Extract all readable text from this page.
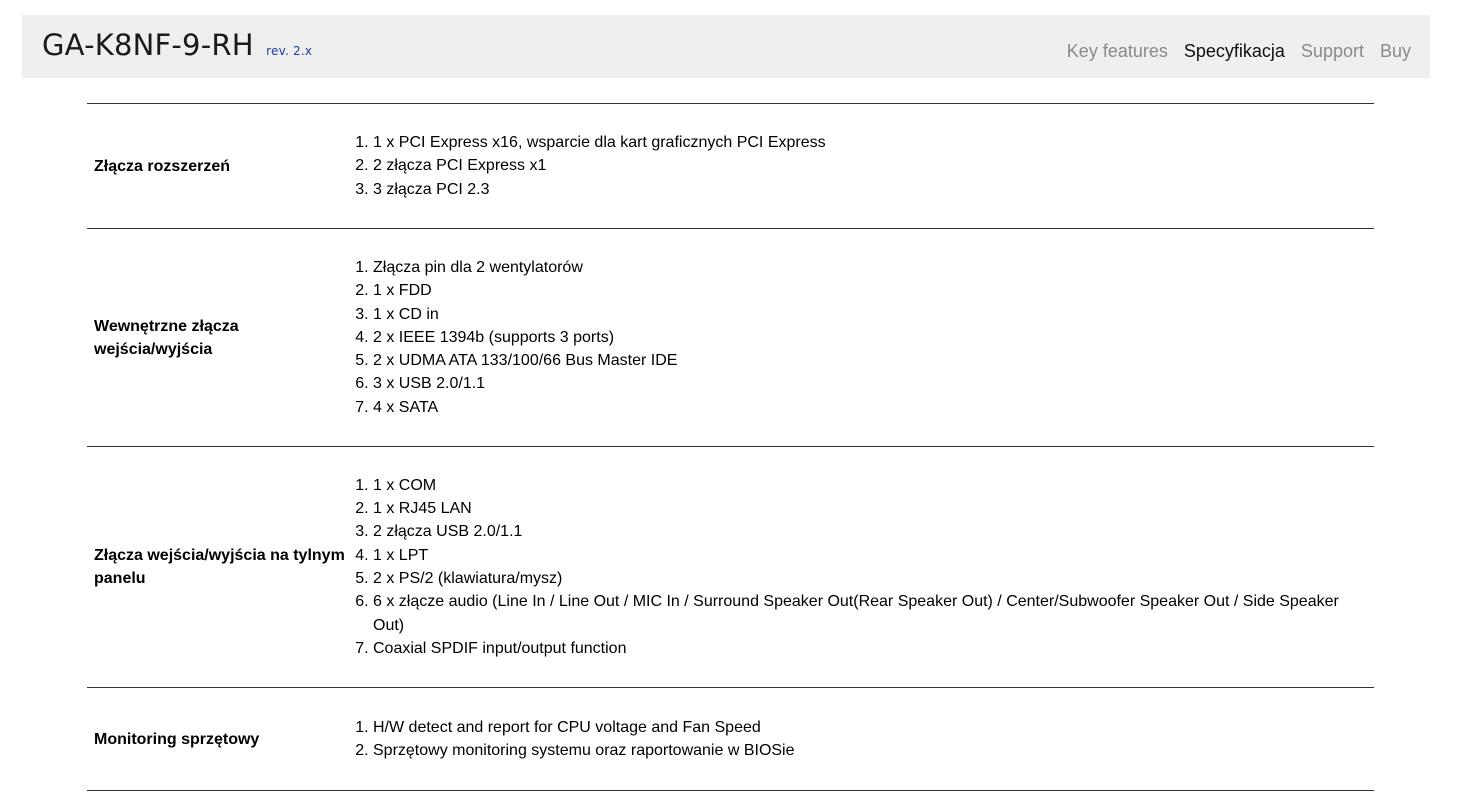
GA-K8NF-9-RH rev. 2.x	Key features Specyfikacja Support Buy
Złącza rozszerzeń
1. 1 x PCI Express x16, wsparcie dla kart graficznych PCI Express
2. 2 złącza PCI Express x1
3. 3 złącza PCI 2.3
Wewnętrzne złącza wejścia/wyjścia
1. Złącza pin dla 2 wentylatorów
2. 1 x FDD
3. 1 x CD in
4. 2 x IEEE 1394b (supports 3 ports)
5. 2 x UDMA ATA 133/100/66 Bus Master IDE
6. 3 x USB 2.0/1.1
7. 4 x SATA
Złącza wejścia/wyjścia na tylnym panelu
1. 1 x COM
2. 1 x RJ45 LAN
3. 2 złącza USB 2.0/1.1
4. 1 x LPT
5. 2 x PS/2 (klawiatura/mysz)
6. 6 x złącze audio (Line In / Line Out / MIC In / Surround Speaker Out(Rear Speaker Out) / Center/Subwoofer Speaker Out / Side Speaker Out)
7. Coaxial SPDIF input/output function
Monitoring sprzętowy
1. H/W detect and report for CPU voltage and Fan Speed
2. Sprzętowy monitoring systemu oraz raportowanie w BIOSie
